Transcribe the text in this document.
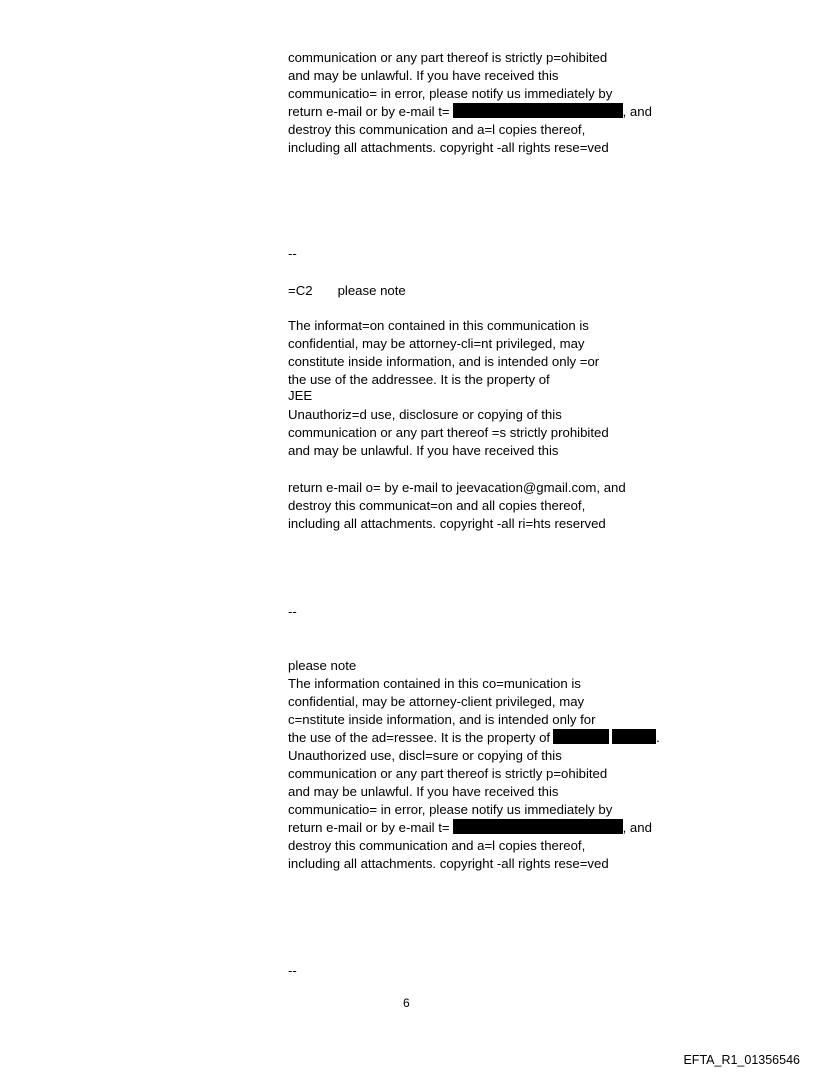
communication or any part thereof is strictly p=ohibited
and may be unlawful. If you have received this
communicatio= in error, please notify us immediately by
return e-mail or by e-mail t=	, and
destroy this communication and a=l copies thereof,
including all attachments. copyright -all rights rese=ved
--
=C2 please note
The informat=on contained in this communication is
confidential, may be attorney-cli=nt privileged, may
constitute inside information, and is intended only =or
the use of the addressee. It is the property of
JEE
Unauthoriz=d use, disclosure or copying of this
communication or any part thereof =s strictly prohibited
and may be unlawful. If you have received this
return e-mail o= by e-mail to jeevacation@gmail.com, and
destroy this communicat=on and all copies thereof,
including all attachments. copyright -all ri=hts reserved
--
please note
The information contained in this co=munication is
confidential, may be attorney-client privileged, may
c=nstitute inside information, and is intended only for
the use of the ad=ressee. It is the property of	.
Unauthorized use, discl=sure or copying of this
communication or any part thereof is strictly p=ohibited
and may be unlawful. If you have received this
communicatio= in error, please notify us immediately by
return e-mail or by e-mail t=	, and
destroy this communication and a=l copies thereof,
including all attachments. copyright -all rights rese=ved
--
6
EFTA_R1_01356546
